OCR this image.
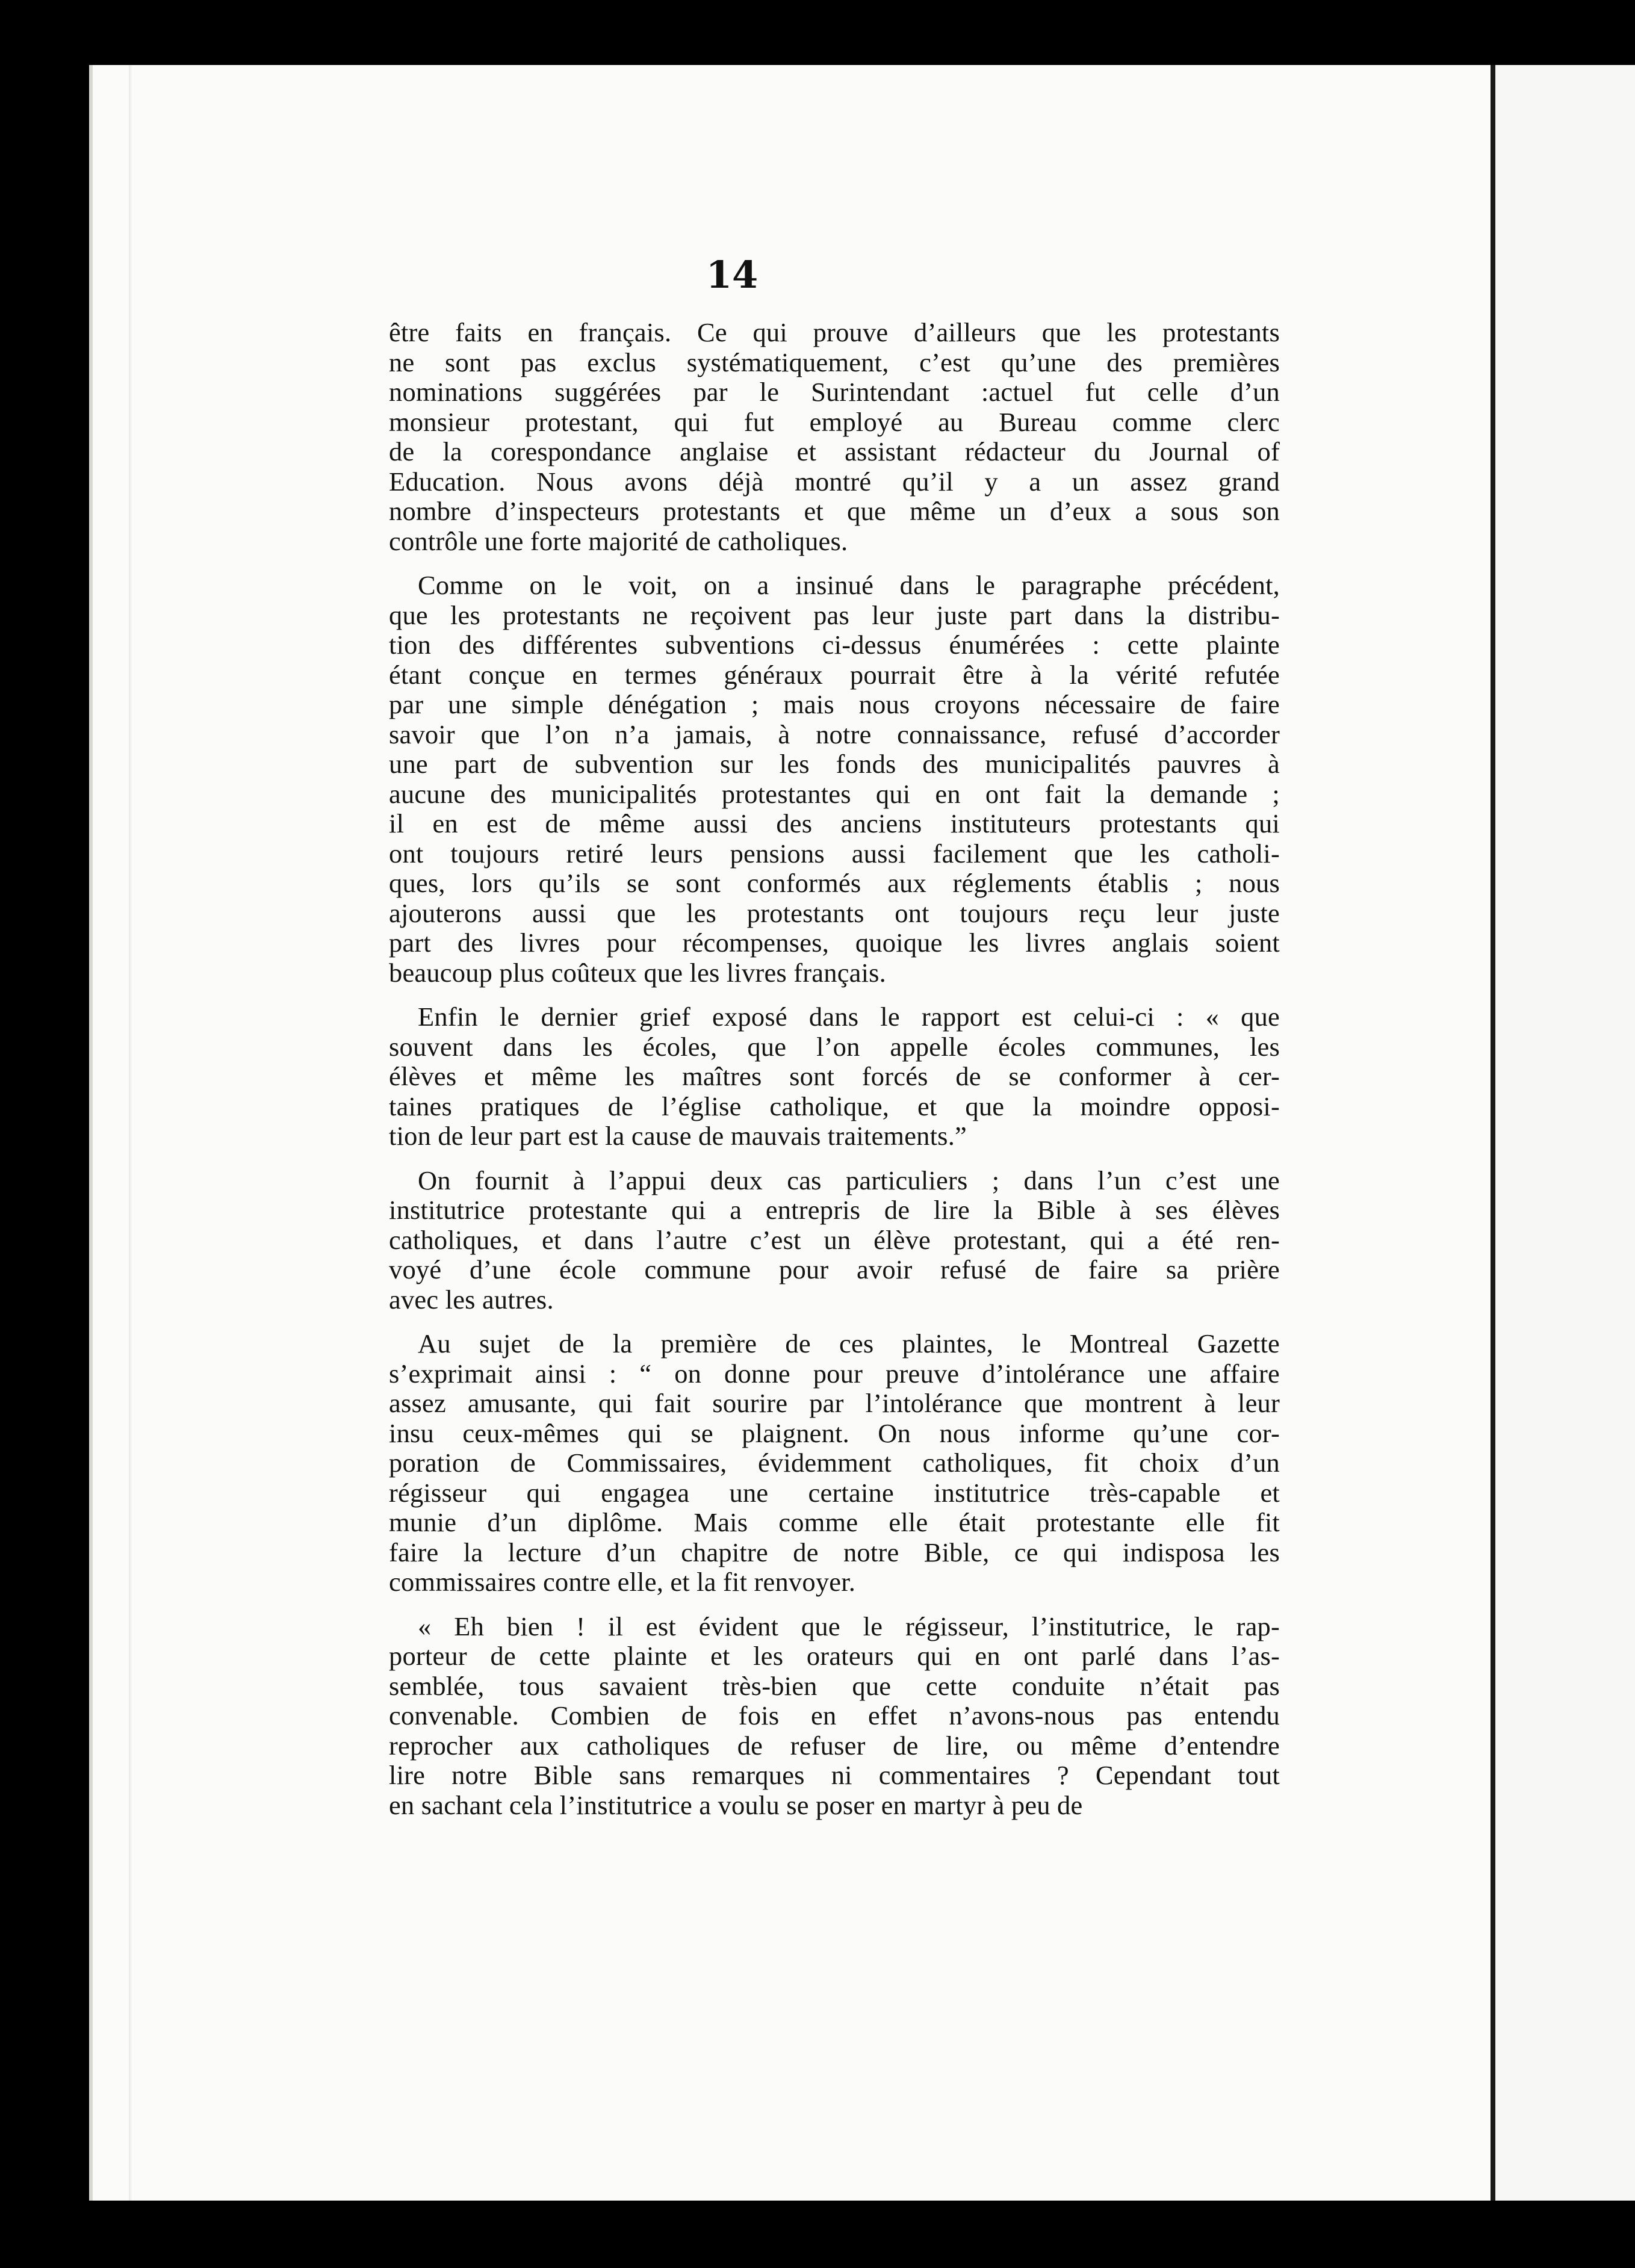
14
être faits en français. Ce qui prouve d’ailleurs que les protestants
ne sont pas exclus systématiquement, c’est qu’une des premières
nominations suggérées par le Surintendant :actuel fut celle d’un
monsieur protestant, qui fut employé au Bureau comme clerc
de la corespondance anglaise et assistant rédacteur du Journal of
Education. Nous avons déjà montré qu’il y a un assez grand
nombre d’inspecteurs protestants et que même un d’eux a sous son
contrôle une forte majorité de catholiques.
Comme on le voit, on a insinué dans le paragraphe précédent,
que les protestants ne reçoivent pas leur juste part dans la distribu-
tion des différentes subventions ci-dessus énumérées : cette plainte
étant conçue en termes généraux pourrait être à la vérité refutée
par une simple dénégation ; mais nous croyons nécessaire de faire
savoir que l’on n’a jamais, à notre connaissance, refusé d’accorder
une part de subvention sur les fonds des municipalités pauvres à
aucune des municipalités protestantes qui en ont fait la demande ;
il en est de même aussi des anciens instituteurs protestants qui
ont toujours retiré leurs pensions aussi facilement que les catholi-
ques, lors qu’ils se sont conformés aux réglements établis ; nous
ajouterons aussi que les protestants ont toujours reçu leur juste
part des livres pour récompenses, quoique les livres anglais soient
beaucoup plus coûteux que les livres français.
Enfin le dernier grief exposé dans le rapport est celui-ci : « que
souvent dans les écoles, que l’on appelle écoles communes, les
élèves et même les maîtres sont forcés de se conformer à cer-
taines pratiques de l’église catholique, et que la moindre opposi-
tion de leur part est la cause de mauvais traitements.”
On fournit à l’appui deux cas particuliers ; dans l’un c’est une
institutrice protestante qui a entrepris de lire la Bible à ses élèves
catholiques, et dans l’autre c’est un élève protestant, qui a été ren-
voyé d’une école commune pour avoir refusé de faire sa prière
avec les autres.
Au sujet de la première de ces plaintes, le Montreal Gazette
s’exprimait ainsi : “ on donne pour preuve d’intolérance une affaire
assez amusante, qui fait sourire par l’intolérance que montrent à leur
insu ceux-mêmes qui se plaignent. On nous informe qu’une cor-
poration de Commissaires, évidemment catholiques, fit choix d’un
régisseur qui engagea une certaine institutrice très-capable et
munie d’un diplôme. Mais comme elle était protestante elle fit
faire la lecture d’un chapitre de notre Bible, ce qui indisposa les
commissaires contre elle, et la fit renvoyer.
« Eh bien ! il est évident que le régisseur, l’institutrice, le rap-
porteur de cette plainte et les orateurs qui en ont parlé dans l’as-
semblée, tous savaient très-bien que cette conduite n’était pas
convenable. Combien de fois en effet n’avons-nous pas entendu
reprocher aux catholiques de refuser de lire, ou même d’entendre
lire notre Bible sans remarques ni commentaires ? Cependant tout
en sachant cela l’institutrice a voulu se poser en martyr à peu de
